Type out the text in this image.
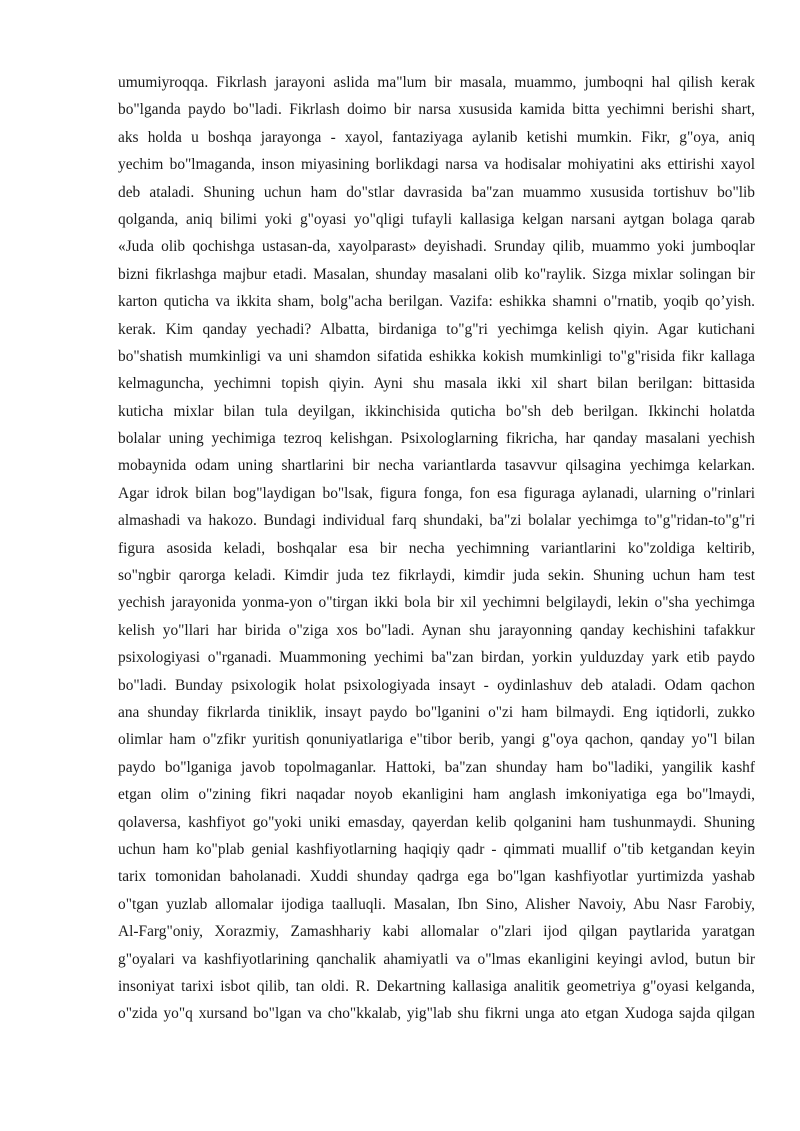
umumiyroqqa. Fikrlash jarayoni aslida ma"lum bir masala, muammo, jumboqni hal qilish kerak
bo"lganda paydo bo"ladi. Fikrlash doimo bir narsa xususida kamida bitta yechimni berishi shart,
aks holda u boshqa jarayonga - xayol, fantaziyaga aylanib ketishi mumkin. Fikr, g"oya, aniq
yechim bo"lmaganda, inson miyasining borlikdagi narsa va hodisalar mohiyatini aks ettirishi xayol
deb ataladi. Shuning uchun ham do"stlar davrasida ba"zan muammo xususida tortishuv bo"lib
qolganda, aniq bilimi yoki g"oyasi yo"qligi tufayli kallasiga kelgan narsani aytgan bolaga qarab
«Juda olib qochishga ustasan-da, xayolparast» deyishadi. Srunday qilib, muammo yoki jumboqlar
bizni fikrlashga majbur etadi. Masalan, shunday masalani olib ko"raylik. Sizga mixlar solingan bir
karton quticha va ikkita sham, bolg"acha berilgan. Vazifa: eshikka shamni o"rnatib, yoqib qo’yish.
kerak. Kim qanday yechadi? Albatta, birdaniga to"g"ri yechimga kelish qiyin. Agar kutichani
bo"shatish mumkinligi va uni shamdon sifatida eshikka kokish mumkinligi to"g"risida fikr kallaga
kelmaguncha, yechimni topish qiyin. Ayni shu masala ikki xil shart bilan berilgan: bittasida
kuticha mixlar bilan tula deyilgan, ikkinchisida quticha bo"sh deb berilgan. Ikkinchi holatda
bolalar uning yechimiga tezroq kelishgan. Psixologlarning fikricha, har qanday masalani yechish
mobaynida odam uning shartlarini bir necha variantlarda tasavvur qilsagina yechimga kelarkan.
Agar idrok bilan bog"laydigan bo"lsak, figura fonga, fon esa figuraga aylanadi, ularning o"rinlari
almashadi va hakozo. Bundagi individual farq shundaki, ba"zi bolalar yechimga to"g"ridan-to"g"ri
figura asosida keladi, boshqalar esa bir necha yechimning variantlarini ko"zoldiga keltirib,
so"ngbir qarorga keladi. Kimdir juda tez fikrlaydi, kimdir juda sekin. Shuning uchun ham test
yechish jarayonida yonma-yon o"tirgan ikki bola bir xil yechimni belgilaydi, lekin o"sha yechimga
kelish yo"llari har birida o"ziga xos bo"ladi. Aynan shu jarayonning qanday kechishini tafakkur
psixologiyasi o"rganadi. Muammoning yechimi ba"zan birdan, yorkin yulduzday yark etib paydo
bo"ladi. Bunday psixologik holat psixologiyada insayt - oydinlashuv deb ataladi. Odam qachon
ana shunday fikrlarda tiniklik, insayt paydo bo"lganini o"zi ham bilmaydi. Eng iqtidorli, zukko
olimlar ham o"zfikr yuritish qonuniyatlariga e"tibor berib, yangi g"oya qachon, qanday yo"l bilan
paydo bo"lganiga javob topolmaganlar. Hattoki, ba"zan shunday ham bo"ladiki, yangilik kashf
etgan olim o"zining fikri naqadar noyob ekanligini ham anglash imkoniyatiga ega bo"lmaydi,
qolaversa, kashfiyot go"yoki uniki emasday, qayerdan kelib qolganini ham tushunmaydi. Shuning
uchun ham ko"plab genial kashfiyotlarning haqiqiy qadr - qimmati muallif o"tib ketgandan keyin
tarix tomonidan baholanadi. Xuddi shunday qadrga ega bo"lgan kashfiyotlar yurtimizda yashab
o"tgan yuzlab allomalar ijodiga taalluqli. Masalan, Ibn Sino, Alisher Navoiy, Abu Nasr Farobiy,
Al-Farg"oniy, Xorazmiy, Zamashhariy kabi allomalar o"zlari ijod qilgan paytlarida yaratgan
g"oyalari va kashfiyotlarining qanchalik ahamiyatli va o"lmas ekanligini keyingi avlod, butun bir
insoniyat tarixi isbot qilib, tan oldi. R. Dekartning kallasiga analitik geometriya g"oyasi kelganda,
o"zida yo"q xursand bo"lgan va cho"kkalab, yig"lab shu fikrni unga ato etgan Xudoga sajda qilgan
